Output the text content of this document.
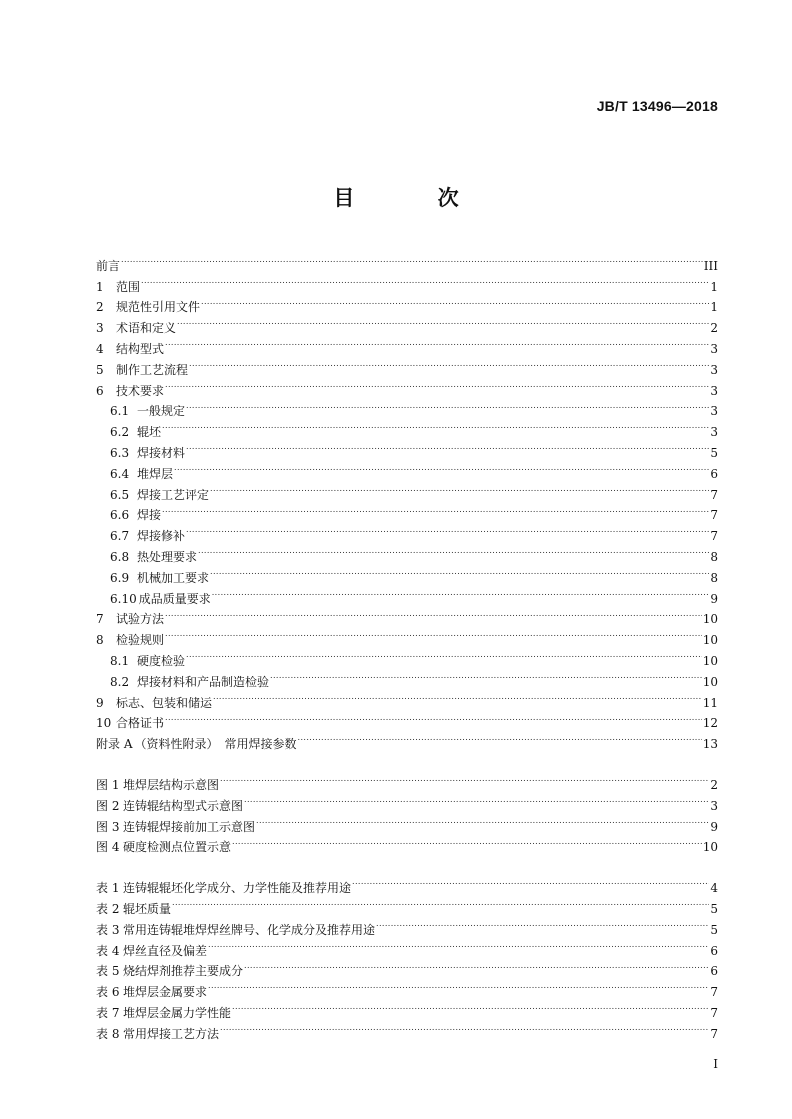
JB/T 13496—2018
目 次
前言 .....	III
1	范围 .....	1
2	规范性引用文件 .....	1
3	术语和定义 .....	2
4	结构型式 .....	3
5	制作工艺流程 .....	3
6	技术要求 .....	3
6.1 一般规定 .....	3
6.2 辊坯 .....	3
6.3 焊接材料 .....	5
6.4 堆焊层 .....	6
6.5 焊接工艺评定 .....	7
6.6 焊接 .....	7
6.7 焊接修补 .....	7
6.8 热处理要求 .....	8
6.9 机械加工要求 .....	8
6.10 成品质量要求 .....	9
7	试验方法 .....	10
8	检验规则 .....	10
8.1 硬度检验 .....	10
8.2 焊接材料和产品制造检验 .....	10
9	标志、包装和储运 .....	11
10 合格证书 .....	12
附录 A （资料性附录）　常用焊接参数 .....	13
图 1 堆焊层结构示意图 .....	2
图 2 连铸辊结构型式示意图 .....	3
图 3 连铸辊焊接前加工示意图 .....	9
图 4 硬度检测点位置示意 .....	10
表 1 连铸辊辊坯化学成分、力学性能及推荐用途 .....	4
表 2 辊坯质量 .....	5
表 3 常用连铸辊堆焊焊丝牌号、化学成分及推荐用途 .....	5
表 4 焊丝直径及偏差 .....	6
表 5 烧结焊剂推荐主要成分 .....	6
表 6 堆焊层金属要求 .....	7
表 7 堆焊层金属力学性能 .....	7
表 8 常用焊接工艺方法 .....	7
I
